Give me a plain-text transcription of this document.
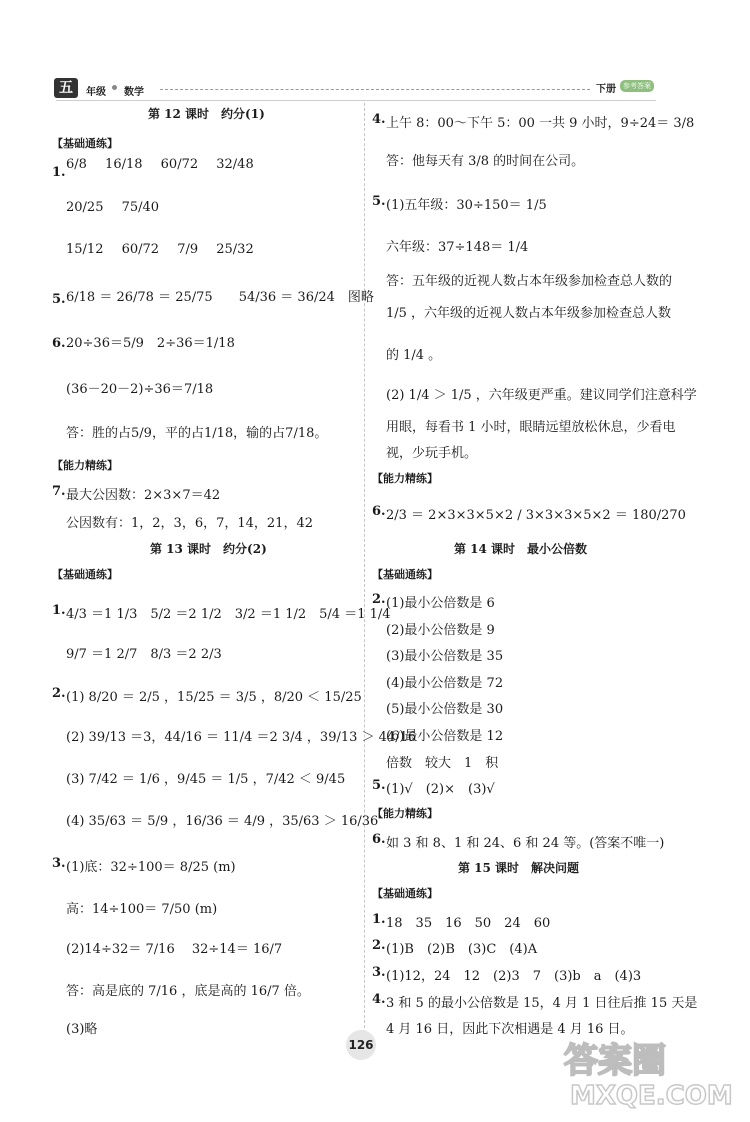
五	年级 数学	下册	参考答案
第 12 课时　约分(1)
【基础通练】
1.
6/8 16/18 60/72 32/48
20/25 75/40
15/12 60/72 7/9 25/32
5. 6/18 ＝ 26/78 ＝ 25/75　　 54/36 ＝ 36/24　 图略
6. 20÷36＝5/9　 2÷36＝1/18
(36－20－2)÷36＝7/18
答：胜的占5/9，平的占1/18，输的占7/18。
【能力精练】
7. 最大公因数：2×3×7＝42
公因数有：1，2，3，6，7，14，21，42
第 13 课时　约分(2)
【基础通练】
1. 4/3 ＝1 1/3　5/2 ＝2 1/2　3/2 ＝1 1/2　5/4 ＝1 1/4
9/7 ＝1 2/7　8/3 ＝2 2/3
2. (1) 8/20 ＝ 2/5 ，15/25 ＝ 3/5 ，8/20 ＜ 15/25
(2) 39/13 ＝3，44/16 ＝ 11/4 ＝2 3/4 ，39/13 ＞ 44/16
(3) 7/42 ＝ 1/6 ，9/45 ＝ 1/5 ，7/42 ＜ 9/45
(4) 35/63 ＝ 5/9 ，16/36 ＝ 4/9 ，35/63 ＞ 16/36
3. (1)底：32÷100＝ 8/25 (m)
高：14÷100＝ 7/50 (m)
(2)14÷32＝ 7/16 　32÷14＝ 16/7
答：高是底的 7/16 ，底是高的 16/7 倍。
(3)略
4. 上午 8：00～下午 5：00 一共 9 小时，9÷24＝ 3/8
答：他每天有 3/8 的时间在公司。
5. (1)五年级：30÷150＝ 1/5
六年级：37÷148＝ 1/4
答：五年级的近视人数占本年级参加检查总人数的
1/5 ，六年级的近视人数占本年级参加检查总人数
的 1/4 。
(2) 1/4 ＞ 1/5 ，六年级更严重。建议同学们注意科学
用眼，每看书 1 小时，眼睛远望放松休息，少看电
视，少玩手机。
【能力精练】
6. 2/3 ＝ 2×3×3×5×2 / 3×3×3×5×2 ＝ 180/270
第 14 课时　最小公倍数
【基础通练】
2. (1)最小公倍数是 6
(2)最小公倍数是 9
(3)最小公倍数是 35
(4)最小公倍数是 72
(5)最小公倍数是 30
(6)最小公倍数是 12
倍数　较大　1　积
5. (1)√　(2)×　(3)√
【能力精练】
6. 如 3 和 8、1 和 24、6 和 24 等。(答案不唯一)
第 15 课时　解决问题
【基础通练】
1. 18　35　16　50　24　60
2. (1)B　(2)B　(3)C　(4)A
3. (1)12，24　12　(2)3　7　(3)b　a　(4)3
4. 3 和 5 的最小公倍数是 15，4 月 1 日往后推 15 天是
4 月 16 日，因此下次相遇是 4 月 16 日。
126	答案圈
MXQE.COM
